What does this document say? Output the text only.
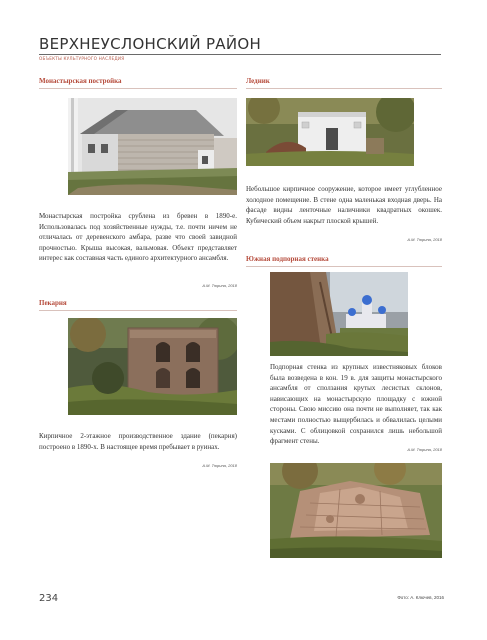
ВЕРХНЕУСЛОНСКИЙ РАЙОН
ОБЪЕКТЫ КУЛЬТУРНОГО НАСЛЕДИЯ
Монастырская постройка
Монастырская постройка срублена из бревен в 1890-е. Использовалась под хозяйственные нужды, т.е. почти ничем не отличалась от деревенского амбара, разве что своей завидной прочностью. Крыша высокая, вальмовая. Объект представляет интерес как составная часть единого архитектурного ансамбля.
А.М. Тюрина, 2018
Пекарня
Кирпичное 2-этажное производственное здание (пекарня) построено в 1890-х. В настоящее время пребывает в руинах.
А.М. Тюрина, 2018
Ледник
Небольшое кирпичное сооружение, которое имеет углубленное холодное помещение. В стене одна маленькая входная дверь. На фасаде видны ленточные наличники квадратных окошек. Кубический объем накрыт плоской крышей.
А.М. Тюрина, 2018
Южная подпорная стенка
Подпорная стенка из крупных известняковых блоков была возведена в кон. 19 в. для защиты монастырского ансамбля от сползания крутых лесистых склонов, нависающих на монастырскую площадку с южной стороны. Свою миссию она почти не выполняет, так как местами полностью выщербилась и обвалилась целыми кусками. С облицовкой сохранился лишь небольшой фрагмент стены.
А.М. Тюрина, 2018
234	Фото: А. Ключев, 2016
